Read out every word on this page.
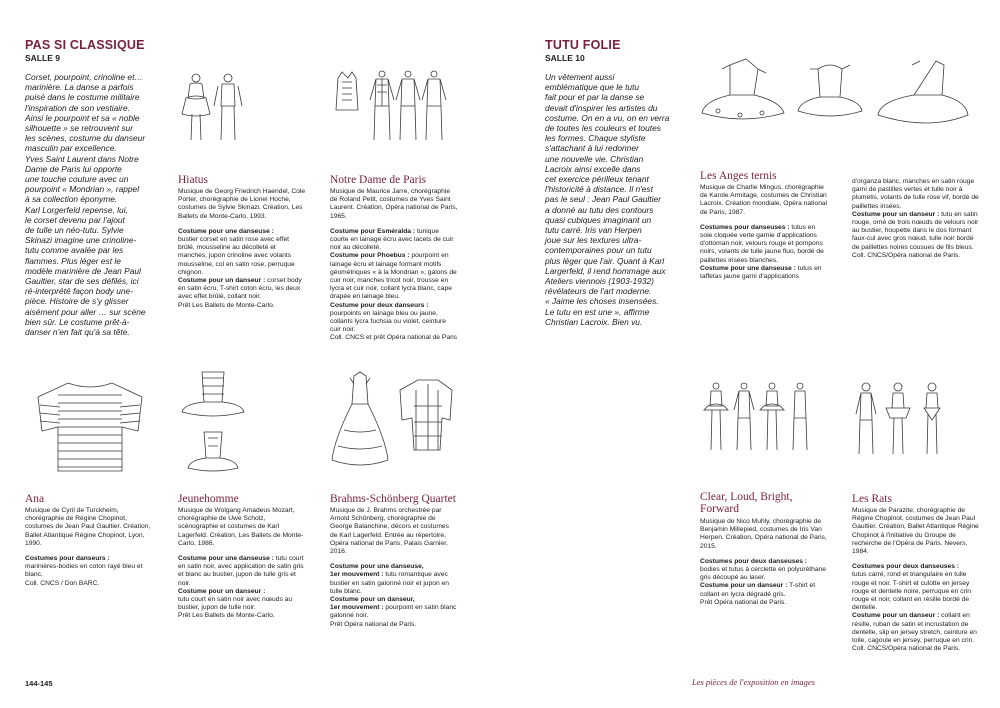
PAS SI CLASSIQUE
SALLE 9
Corset, pourpoint, crinoline et…
marinière. La danse a parfois
puisé dans le costume militaire
l'inspiration de son vestiaire.
Ainsi le pourpoint et sa « noble
silhouette » se retrouvent sur
les scènes, costume du danseur
masculin par excellence.
Yves Saint Laurent dans Notre
Dame de Paris lui opporte
une touche couture avec un
pourpoint « Mondrian », rappel
à sa collection éponyme.
Karl Lorgerfeld repense, lui,
le corset devenu par l'ajout
de tulle un néo-tutu. Sylvie
Skinazi imagine une crinoline-
tutu comme avalée par les
flammes. Plus léger est le
modèle marinière de Jean Paul
Gaultier, star de ses défilés, ici
ré-interprété façon body une-
pièce. Histoire de s'y glisser
aisément pour aller … sur scène
bien sûr. Le costume prêt-à-
danser n'en fait qu'à sa tête.
Hiatus

Musique de Georg Friedrich Haendel, Cole Porter, chorégraphie de Lionel Hoche, costumes de Sylvie Skinazi. Création, Les Ballets de Monte-Carlo, 1993.

Costume pour une danseuse :

bustier corset en satin rose avec effet brûlé, mousseline au décolleté et manches, jupon crinoline avec volants mousseline, col en satin rose, perruque chignon.

Costume pour un danseur : corset body en satin écru, T-shirt coton écru, les deux avec effet brûlé, collant noir.

Prêt Les Ballets de Monte-Carlo.

Notre Dame de Paris

Musique de Maurice Jarre, chorégraphie de Roland Petit, costumes de Yves Saint Laurent. Création, Opéra national de Paris, 1965.

Costume pour Esméralda : tunique courte en lainage écru avec lacets de cuir noir au décolleté.

Costume pour Phoebus : pourpoint en lainage écru et lainage formant motifs géométriques « à la Mondrian », galons de cuir noir, manches tricot noir, trousse en lycra et cuir noir, collant lycra blanc, cape drapée en lainage bleu.

Costume pour deux danseurs :

pourpoints en lainage bleu ou jaune, collants lycra fuchsia ou violet, ceinture cuir noir.

Coll. CNCS et prêt Opéra national de Paris

Ana

Musique de Cyril de Turckheim, chorégraphie de Régine Chopinot, costumes de Jean Paul Gaultier. Création, Ballet Atlantique Régine Chopinot, Lyon, 1990.

Costumes pour danseurs :

marinières-bodies en coton rayé bleu et blanc.

Coll. CNCS / Don BARC.

Jeunehomme

Musique de Wolgang Amadeus Mozart, chorégraphie de Uwe Scholz, scénographie et costumes de Karl Lagerfeld. Création, Les Ballets de Monte-Carlo, 1986.

Costume pour une danseuse : tutu court en satin noir, avec application de satin gris et blanc au bustier, jupon de tulle gris et noir.

Costume pour un danseur :

tutu court en satin noir avec nœuds au bustier, jupon de tulle noir.

Prêt Les Ballets de Monte-Carlo.

Brahms-Schönberg Quartet

Musique de J. Brahms orchestrée par Arnold Schönberg, chorégraphie de George Balanchine, décors et costumes de Karl Lagerfeld. Entrée au répertoire, Opéra national de Paris, Palais Garnier, 2016.

Costume pour une danseuse,

1er mouvement : tutu romantique avec bustier en satin galonné noir et jupon en tulle blanc.

Costume pour un danseur,

1er mouvement : pourpoint en satin blanc galonné noir.

Prêt Opéra national de Paris.

144-145
TUTU FOLIE
SALLE 10
Un vêtement aussi
emblématique que le tutu
fait pour et par la danse se
devait d'inspirer les artistes du
costume. On en a vu, on en verra
de toutes les couleurs et toutes
les formes. Chaque styliste
s'attachant à lui redonner
une nouvelle vie. Christian
Lacroix ainsi excelle dans
cet exercice périlleux tenant
l'historicité à distance. Il n'est
pas le seul : Jean Paul Gaultier
a donné au tutu des contours
quasi cubiques imaginant un
tutu carré. Iris van Herpen
joue sur les textures ultra-
contemporaines pour un tutu
plus léger que l'air. Quant à Karl
Largerfeld, il rend hommage aux
Ateliers viennois (1903-1932)
révélateurs de l'art moderne.
« Jaime les choses insensées.
Le tutu en est une », affirme
Christian Lacroix. Bien vu.
Les Anges ternis

Musique de Charlie Mingus, chorégraphie de Karole Armitage, costumes de Christian Lacroix. Création mondiale, Opéra national de Paris, 1987.

Costumes pour danseuses : tutus en soie cloquée verte garnie d'applications d'ottoman noir, velours rouge et pompons noirs, volants de tulle jaune fluo, bordé de paillettes irisées blanches.

Costume pour une danseuse : tutus en taffetas jaune garni d'applications

d'organza blanc, manches en satin rouge garni de pastilles vertes et tulle noir à plumetis, volants de tulle rose vif, bordé de paillettes irisées.

Costume pour un danseur : tutu en satin rouge, orné de trois nœuds de velours noir au bustier, houpette dans le dos formant faux-cul avec gros nœud, tulle noir bordé de paillettes noires cousues de fils bleus.

Coll. CNCS/Opéra national de Paris.

Clear, Loud, Bright,
Forward

Musique de Nico Muhly, chorégraphie de Benjamin Millepied, costumes de Iris Van Herpen. Création, Opéra national de Paris, 2015.

Costumes pour deux danseuses :

bodies et tutus à cerclette en polyuréthane gris découpé au laser.

Costume pour un danseur : T-shirt et collant en lycra dégradé gris.

Prêt Opéra national de Paris.

Les Rats

Musique de Parazite, chorégraphie de Régine Chopinot, costumes de Jean Paul Gaultier. Création, Ballet Atlantique Régine Chopinot à l'initiative du Groupe de recherche de l'Opéra de Paris. Nevers, 1984.

Costumes pour deux danseuses :

tutus carré, rond et triangulaire en tulle rouge et noir. T-shirt et culotte en jersey rouge et dentelle noire, perruque en crin rouge et noir, collant en résille bordé de dentelle.

Costume pour un danseur : collant en résille, ruban de satin et incrustation de dentelle, slip en jersey stretch, ceinture en toile, cagoule en jersey, perruque en crin.

Coll. CNCS/Opéra national de Paris.

Les pièces de l'exposition en images
